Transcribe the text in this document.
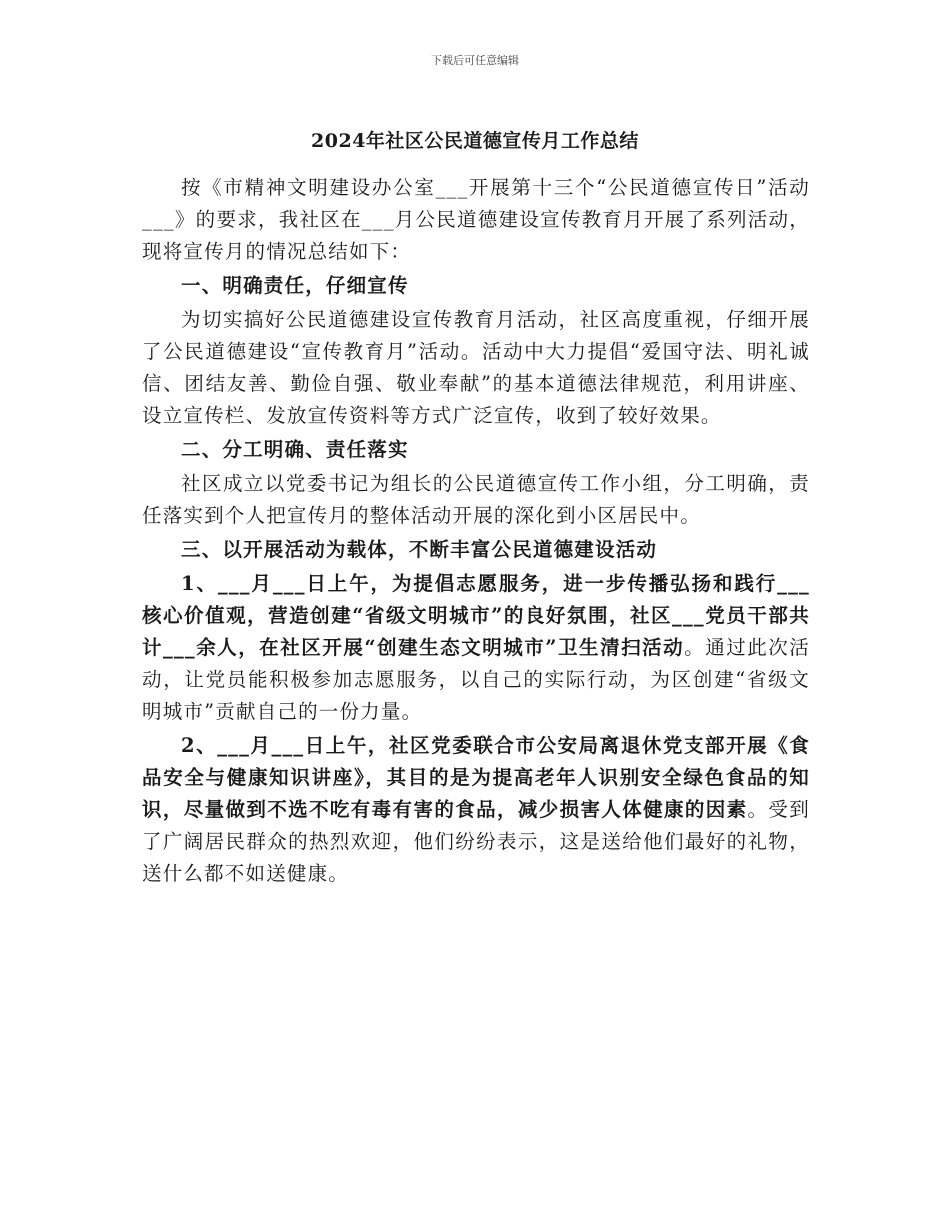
下载后可任意编辑
2024年社区公民道德宣传月工作总结

按《市精神文明建设办公室___开展第十三个“公民道德宣传日”活动___》的要求，我社区在___月公民道德建设宣传教育月开展了系列活动，现将宣传月的情况总结如下：

一、明确责任，仔细宣传

为切实搞好公民道德建设宣传教育月活动，社区高度重视，仔细开展了公民道德建设“宣传教育月”活动。活动中大力提倡“爱国守法、明礼诚信、团结友善、勤俭自强、敬业奉献”的基本道德法律规范，利用讲座、设立宣传栏、发放宣传资料等方式广泛宣传，收到了较好效果。

二、分工明确、责任落实

社区成立以党委书记为组长的公民道德宣传工作小组，分工明确，责任落实到个人把宣传月的整体活动开展的深化到小区居民中。

三、以开展活动为载体，不断丰富公民道德建设活动

1、___月___日上午，为提倡志愿服务，进一步传播弘扬和践行___核心价值观，营造创建“省级文明城市”的良好氛围，社区___党员干部共计___余人，在社区开展“创建生态文明城市”卫生清扫活动。通过此次活动，让党员能积极参加志愿服务，以自己的实际行动，为区创建“省级文明城市”贡献自己的一份力量。

2、___月___日上午，社区党委联合市公安局离退休党支部开展《食品安全与健康知识讲座》，其目的是为提高老年人识别安全绿色食品的知识，尽量做到不选不吃有毒有害的食品，减少损害人体健康的因素。受到了广阔居民群众的热烈欢迎，他们纷纷表示，这是送给他们最好的礼物，送什么都不如送健康。
